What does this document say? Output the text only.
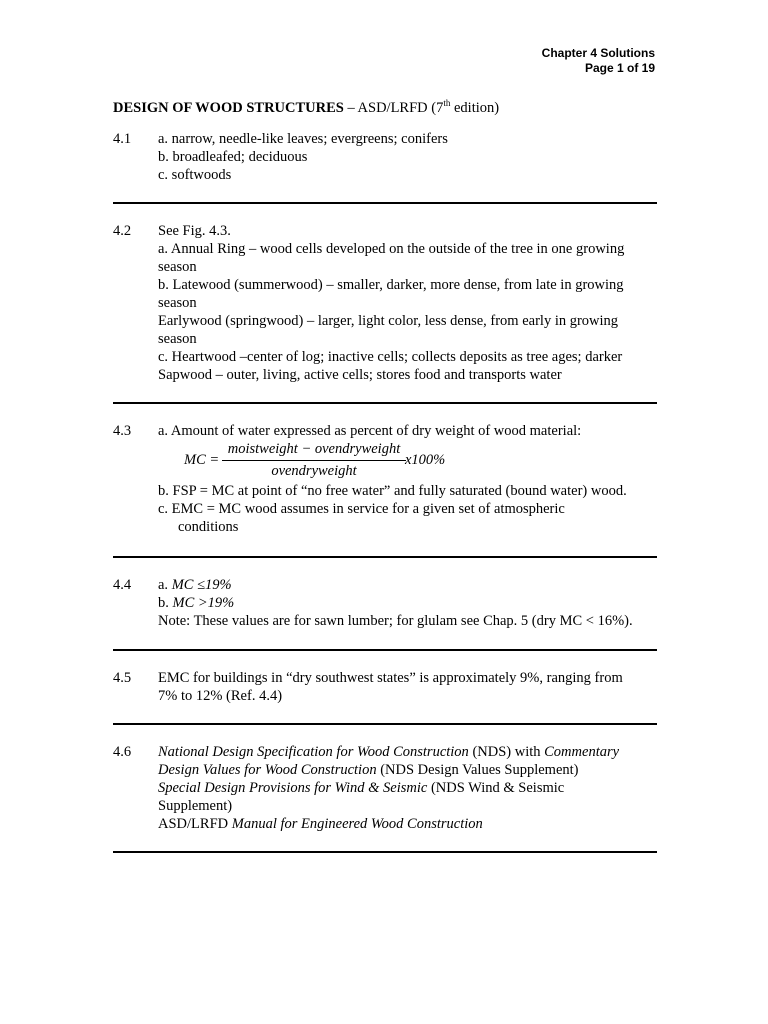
Chapter 4 Solutions
Page 1 of 19
DESIGN OF WOOD STRUCTURES – ASD/LRFD (7th edition)
4.1 a. narrow, needle-like leaves; evergreens; conifers
b. broadleafed; deciduous
c. softwoods
4.2 See Fig. 4.3.
a. Annual Ring – wood cells developed on the outside of the tree in one growing season
b. Latewood (summerwood) – smaller, darker, more dense, from late in growing season
Earlywood (springwood) – larger, light color, less dense, from early in growing season
c. Heartwood –center of log; inactive cells; collects deposits as tree ages; darker
Sapwood – outer, living, active cells; stores food and transports water
4.3 a. Amount of water expressed as percent of dry weight of wood material:
MC =
moistweight − ovendryweight
ovendryweight
x100%
b. FSP = MC at point of “no free water” and fully saturated (bound water) wood.
c. EMC = MC wood assumes in service for a given set of atmospheric
conditions
4.4 a. MC ≤19%
b. MC >19%
Note: These values are for sawn lumber; for glulam see Chap. 5 (dry MC < 16%).
4.5 EMC for buildings in “dry southwest states” is approximately 9%, ranging from
7% to 12% (Ref. 4.4)
4.6 National Design Specification for Wood Construction (NDS) with Commentary
Design Values for Wood Construction (NDS Design Values Supplement)
Special Design Provisions for Wind & Seismic (NDS Wind & Seismic
Supplement)
ASD/LRFD Manual for Engineered Wood Construction
